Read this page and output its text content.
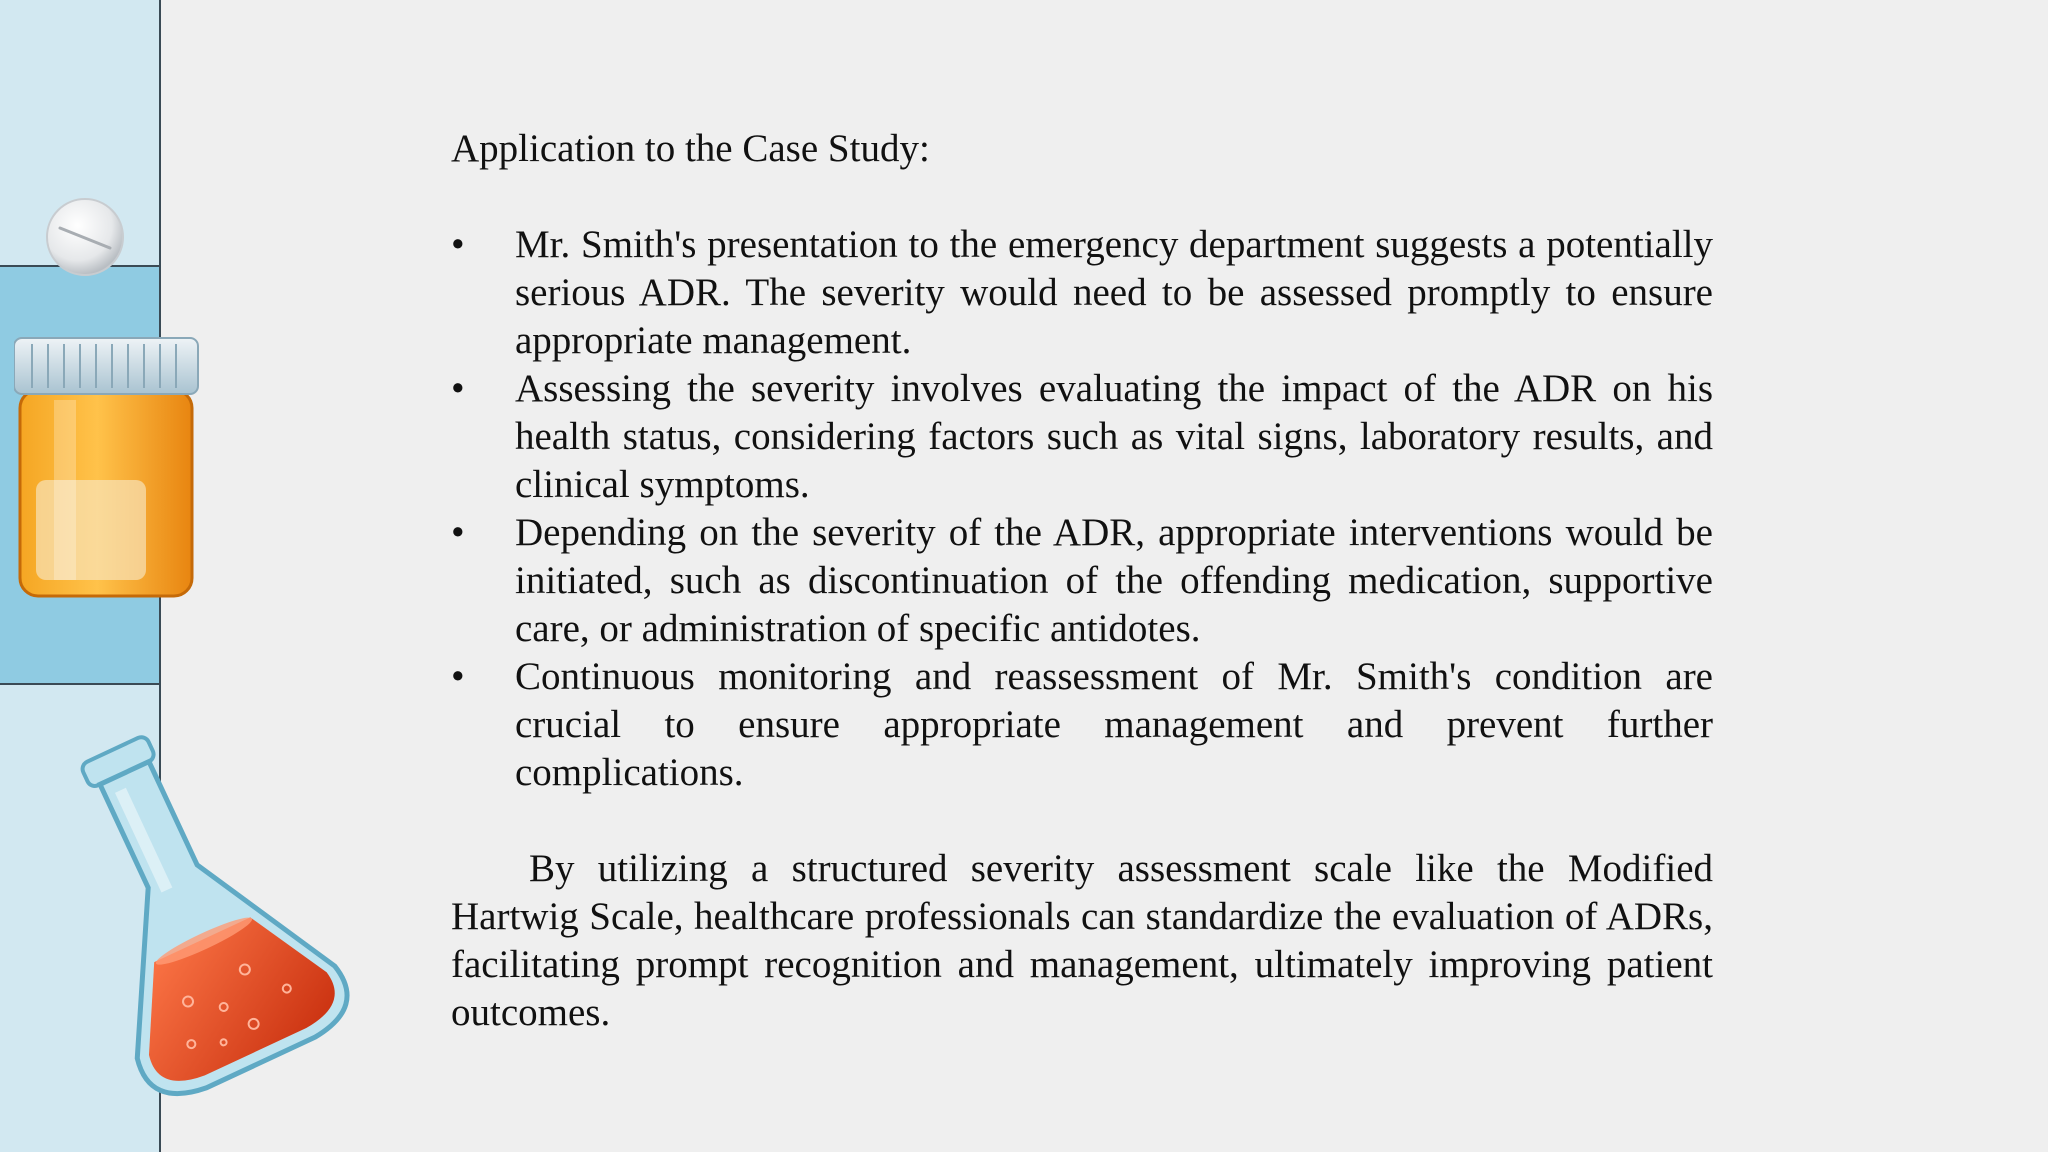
Application to the Case Study:
•	Mr. Smith's presentation to the emergency department suggests a potentially serious ADR. The severity would need to be assessed promptly to ensure appropriate management.
•	Assessing the severity involves evaluating the impact of the ADR on his health status, considering factors such as vital signs, laboratory results, and clinical symptoms.
•	Depending on the severity of the ADR, appropriate interventions would be initiated, such as discontinuation of the offending medication, supportive care, or administration of specific antidotes.
•	Continuous monitoring and reassessment of Mr. Smith's condition are crucial to ensure appropriate management and prevent further complications.

By utilizing a structured severity assessment scale like the Modified Hartwig Scale, healthcare professionals can standardize the evaluation of ADRs, facilitating prompt recognition and management, ultimately improving patient outcomes.
